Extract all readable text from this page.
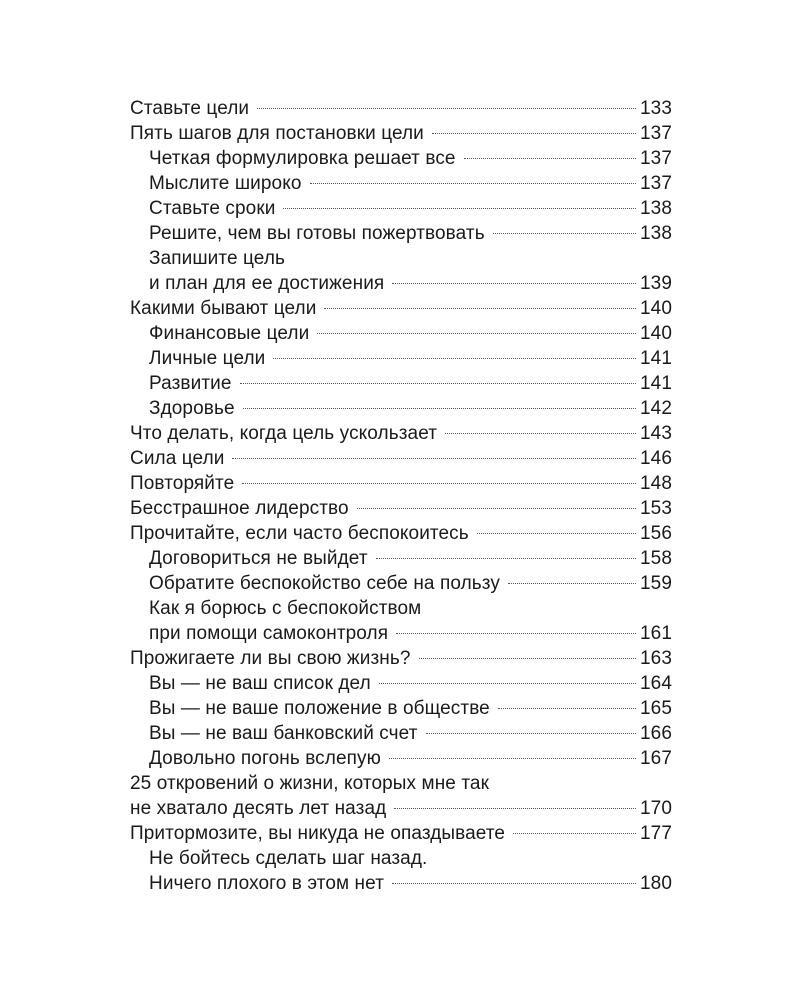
Ставьте цели	133
Пять шагов для постановки цели	137
Четкая формулировка решает все	137
Мыслите широко	137
Ставьте сроки	138
Решите, чем вы готовы пожертвовать	138
Запишите цель
и план для ее достижения	139
Какими бывают цели	140
Финансовые цели	140
Личные цели	141
Развитие	141
Здоровье	142
Что делать, когда цель ускользает	143
Сила цели	146
Повторяйте	148
Бесстрашное лидерство	153
Прочитайте, если часто беспокоитесь	156
Договориться не выйдет	158
Обратите беспокойство себе на пользу	159
Как я борюсь с беспокойством
при помощи самоконтроля	161
Прожигаете ли вы свою жизнь?	163
Вы — не ваш список дел	164
Вы — не ваше положение в обществе	165
Вы — не ваш банковский счет	166
Довольно погонь вслепую	167
25 откровений о жизни, которых мне так
не хватало десять лет назад	170
Притормозите, вы никуда не опаздываете	177
Не бойтесь сделать шаг назад.
Ничего плохого в этом нет	180
